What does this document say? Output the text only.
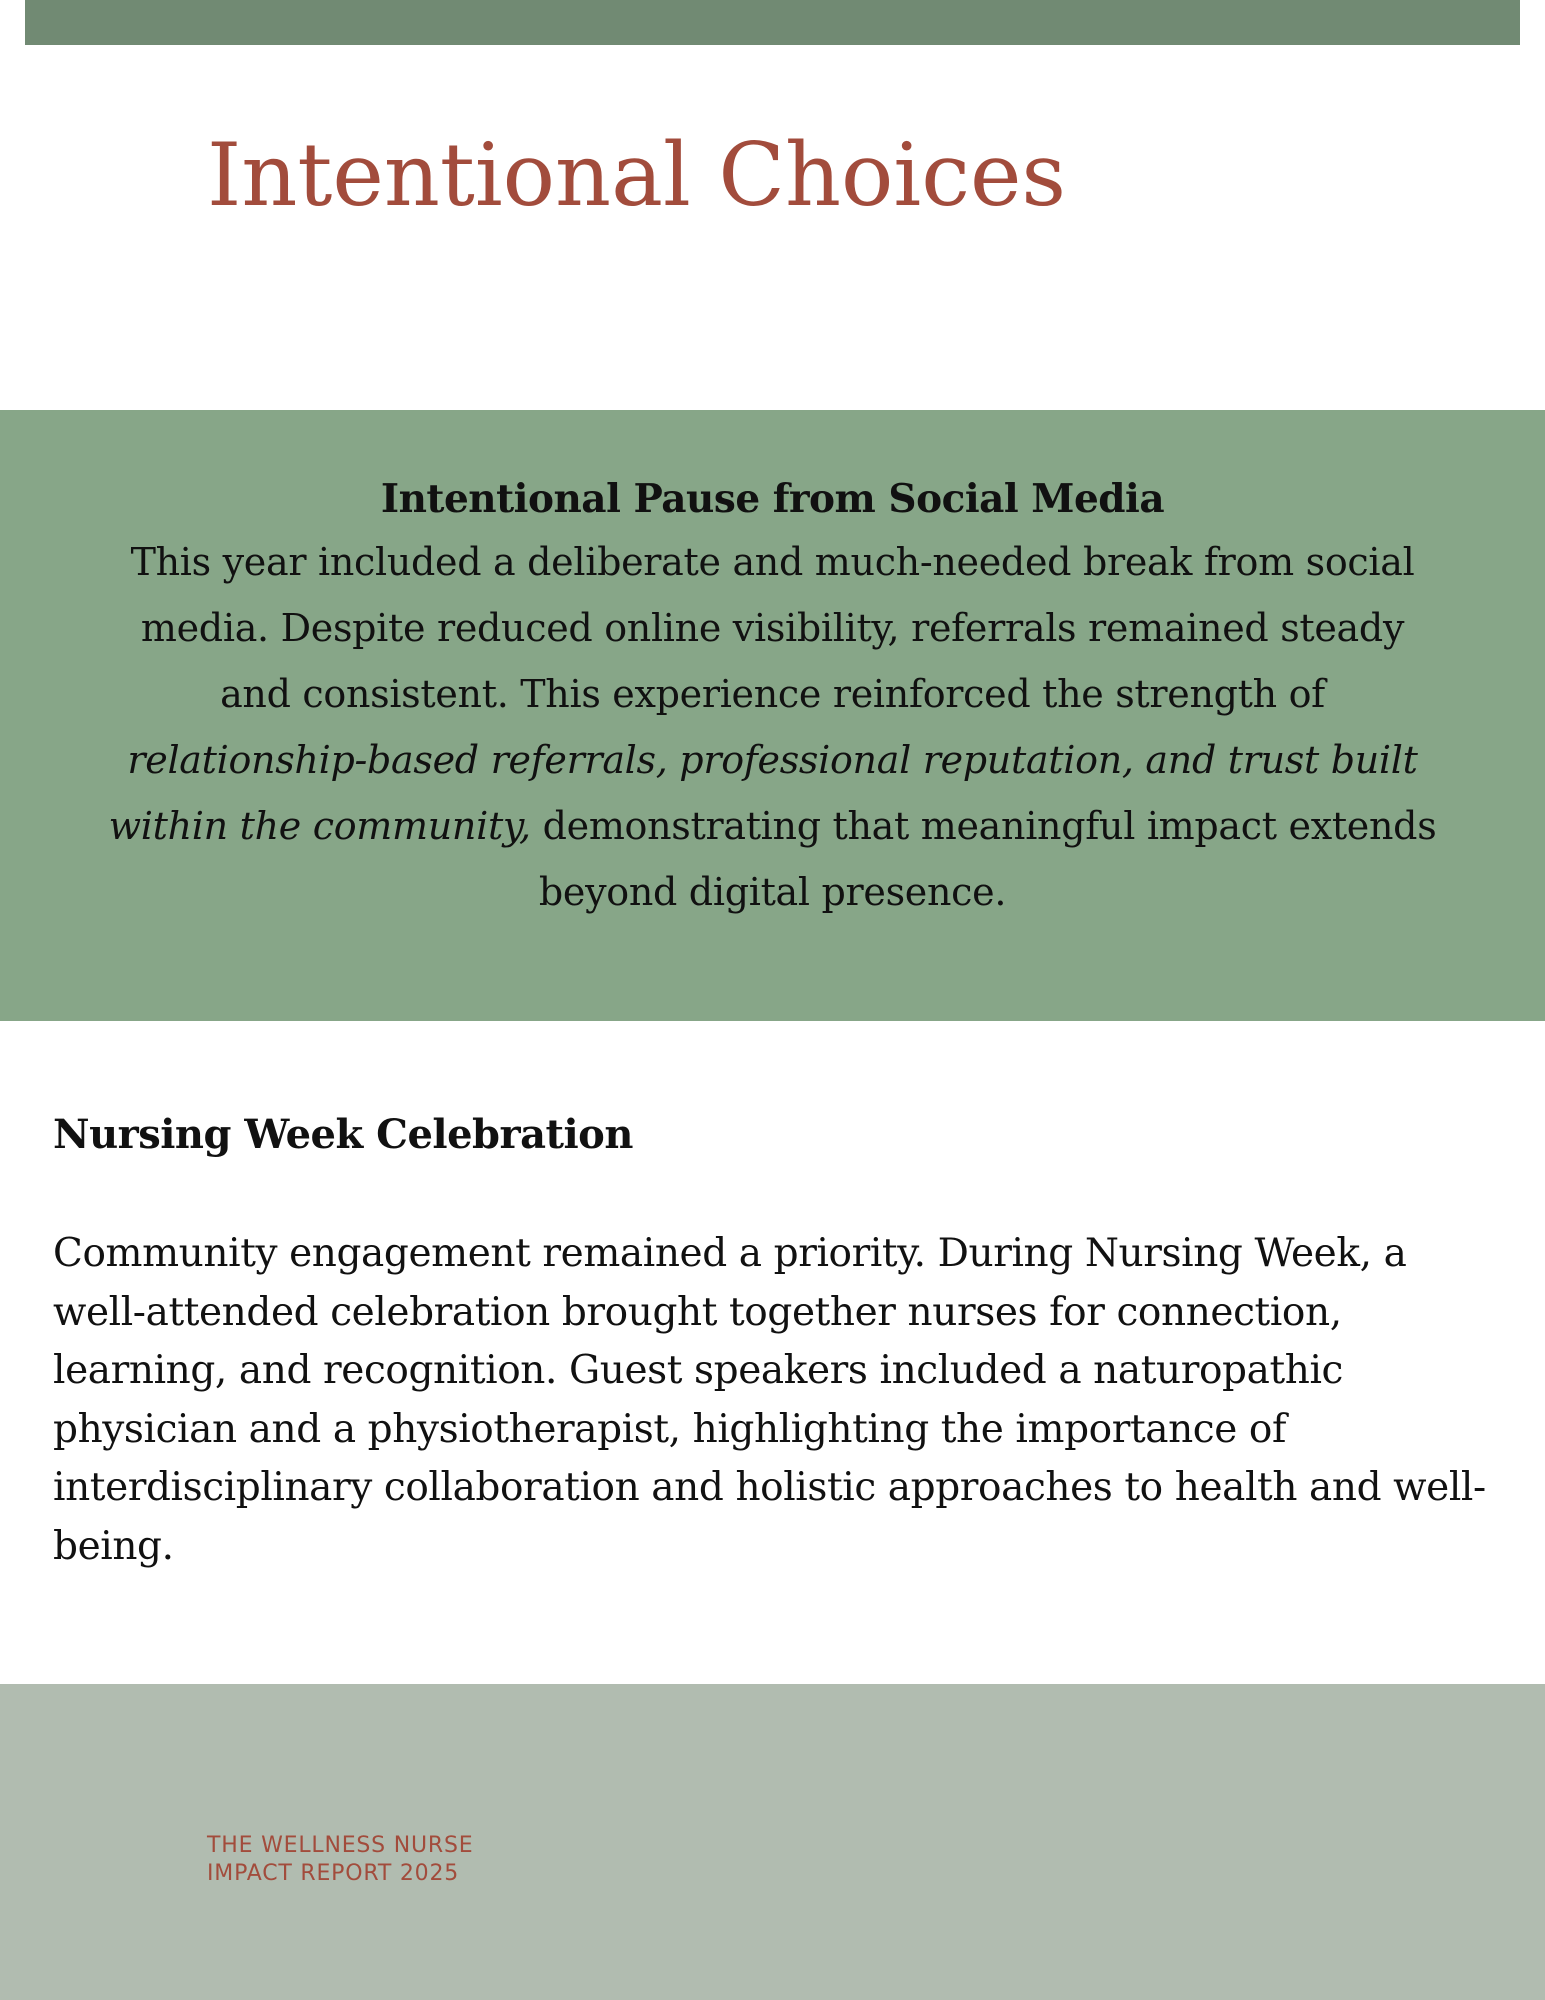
Intentional Choices
Intentional Pause from Social Media

This year included a deliberate and much-needed break from social media. Despite reduced online visibility, referrals remained steady and consistent. This experience reinforced the strength of relationship-based referrals, professional reputation, and trust built within the community, demonstrating that meaningful impact extends beyond digital presence.

Nursing Week Celebration

Community engagement remained a priority. During Nursing Week, a well-attended celebration brought together nurses for connection, learning, and recognition. Guest speakers included a naturopathic physician and a physiotherapist, highlighting the importance of interdisciplinary collaboration and holistic approaches to health and well-being.

THE WELLNESS NURSE
IMPACT REPORT 2025
